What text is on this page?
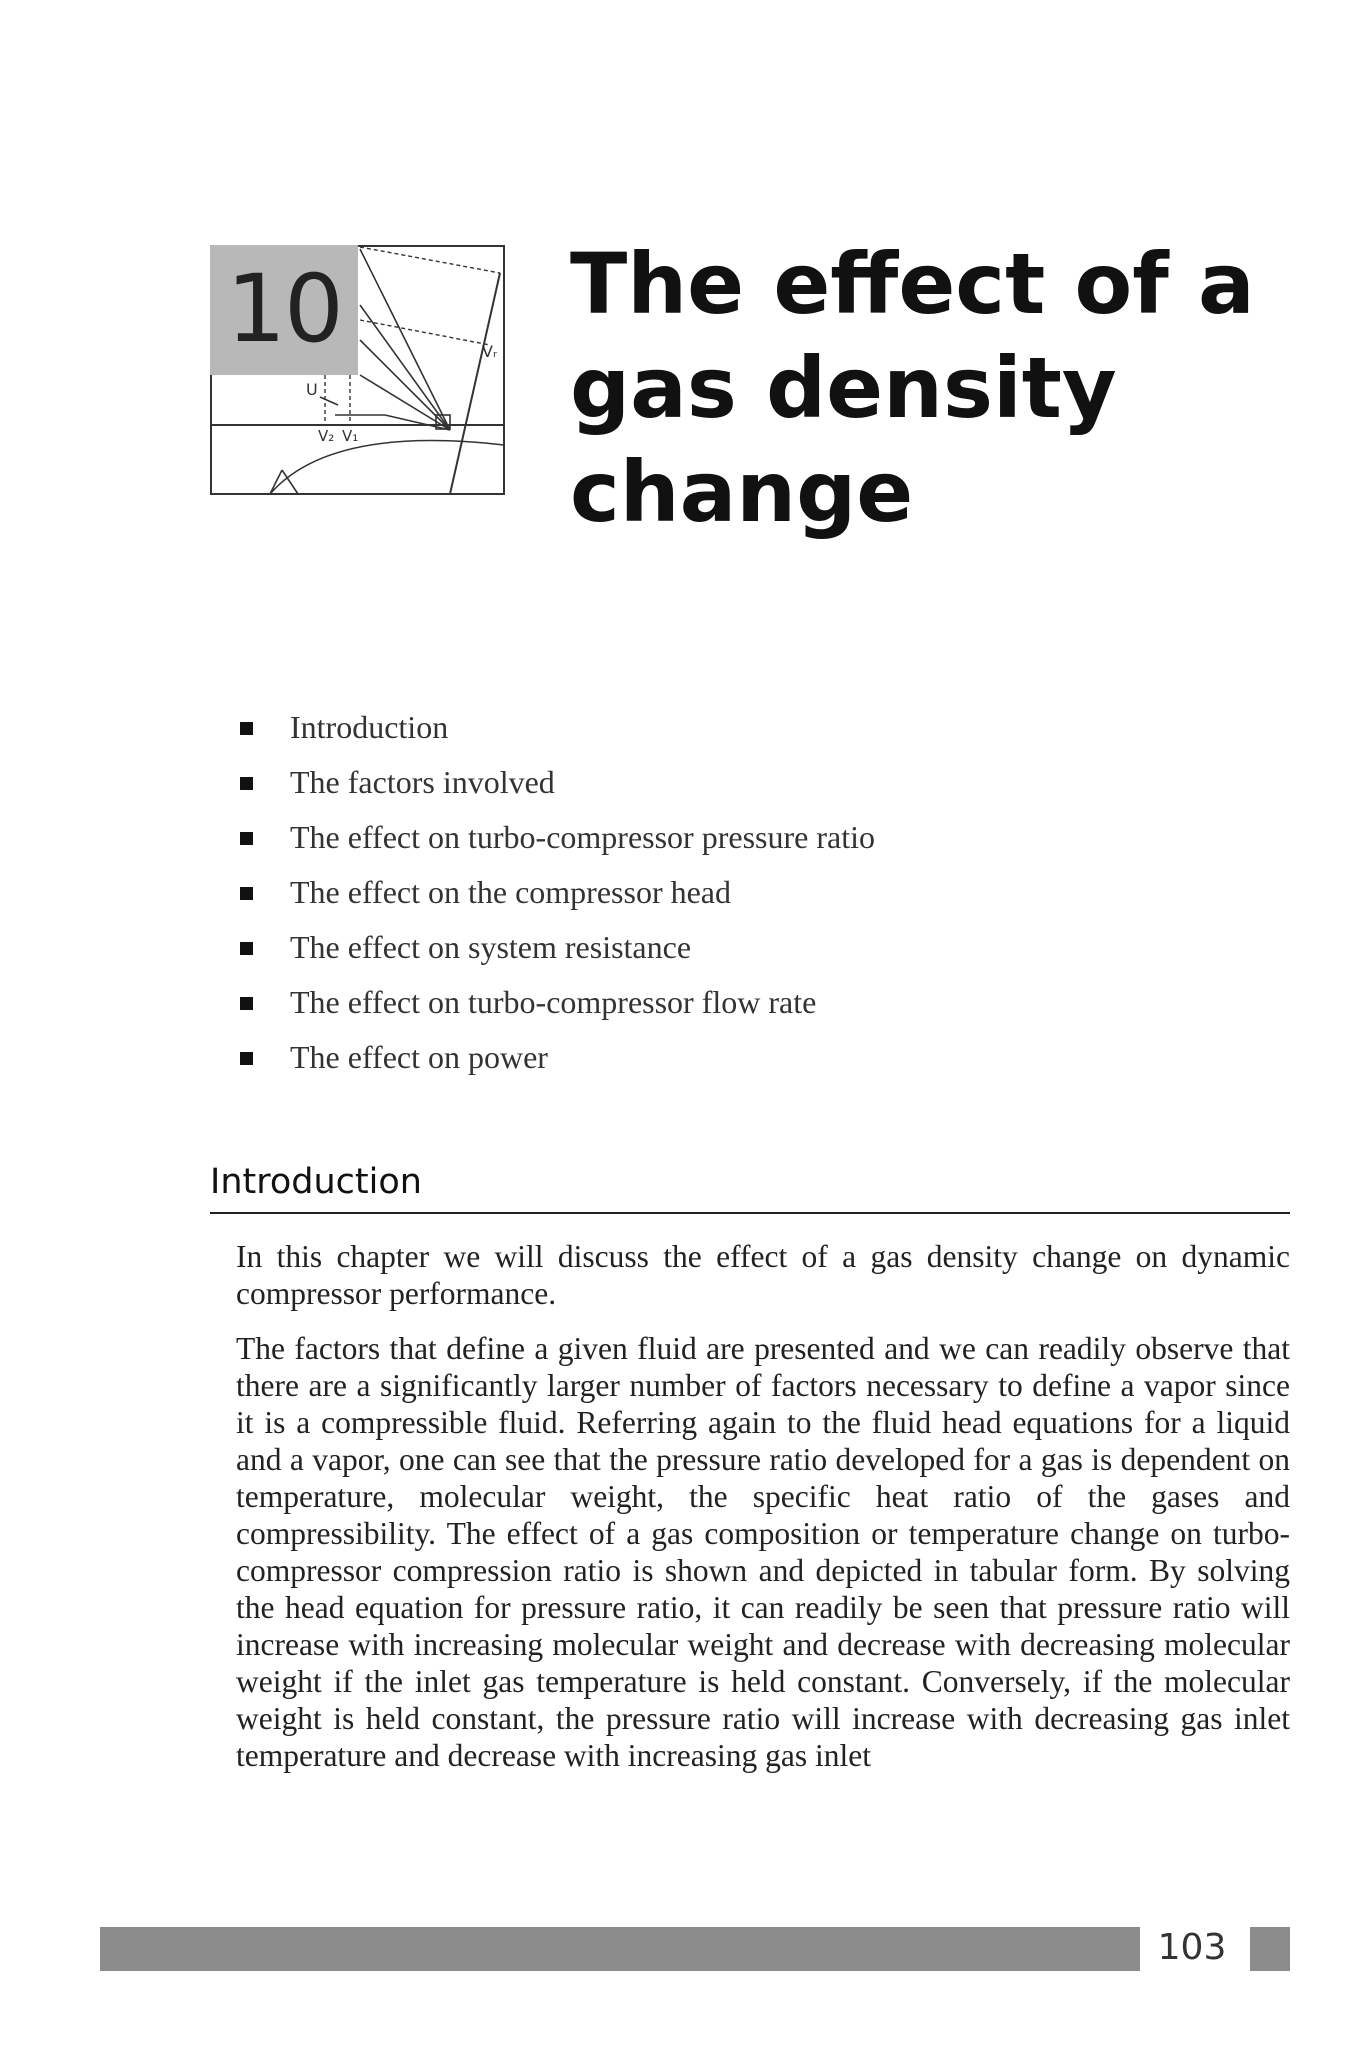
U
V₂ V₁
Vᵣ
10	The effect of a
gas density
change
Introduction
The factors involved
The effect on turbo-compressor pressure ratio
The effect on the compressor head
The effect on system resistance
The effect on turbo-compressor flow rate
The effect on power
Introduction

In this chapter we will discuss the effect of a gas density change on dynamic compressor performance.

The factors that define a given fluid are presented and we can readily observe that there are a significantly larger number of factors necessary to define a vapor since it is a compressible fluid. Referring again to the fluid head equations for a liquid and a vapor, one can see that the pressure ratio developed for a gas is dependent on temperature, molecular weight, the specific heat ratio of the gases and compressibility. The effect of a gas composition or temperature change on turbo-compressor compression ratio is shown and depicted in tabular form. By solving the head equation for pressure ratio, it can readily be seen that pressure ratio will increase with increasing molecular weight and decrease with decreasing molecular weight if the inlet gas temperature is held constant. Conversely, if the molecular weight is held constant, the pressure ratio will increase with decreasing gas inlet temperature and decrease with increasing gas inlet

103
